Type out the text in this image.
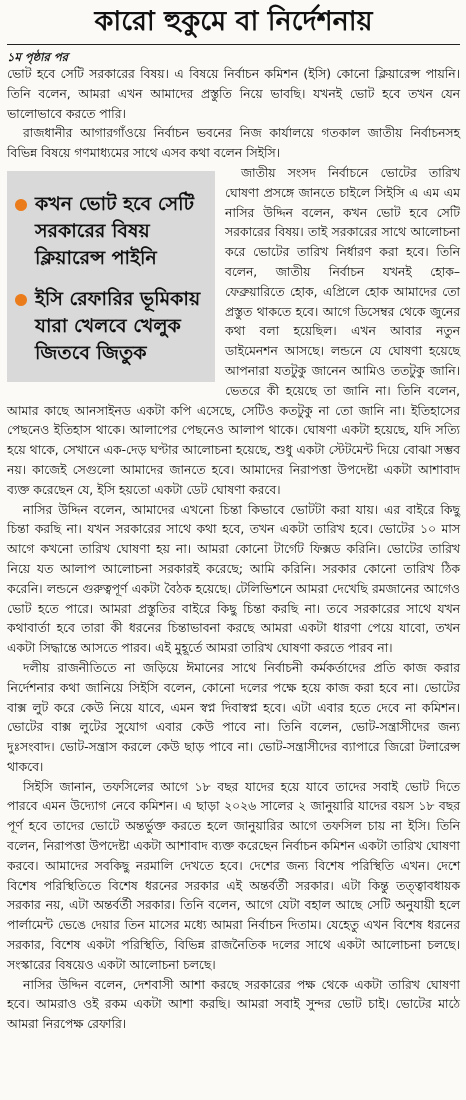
কারো হুকুমে বা নির্দেশনায়
১ম পৃষ্ঠার পর

ভোট হবে সেটি সরকারের বিষয়। এ বিষয়ে নির্বাচন কমিশন (ইসি) কোনো ক্লিয়ারেন্স পায়নি। তিনি বলেন, আমরা এখন আমাদের প্রস্তুতি নিয়ে ভাবছি। যখনই ভোট হবে তখন যেন ভালোভাবে করতে পারি।

রাজধানীর আগারগাঁওয়ে নির্বাচন ভবনের নিজ কার্যালয়ে গতকাল জাতীয় নির্বাচনসহ বিভিন্ন বিষয়ে গণমাধ্যমের সাথে এসব কথা বলেন সিইসি।

কখন ভোট হবে সেটি সরকারের বিষয় ক্লিয়ারেন্স পাইনি
ইসি রেফারির ভূমিকায় যারা খেলবে খেলুক জিতবে জিতুক

জাতীয় সংসদ নির্বাচনে ভোটের তারিখ ঘোষণা প্রসঙ্গে জানতে চাইলে সিইসি এ এম এম নাসির উদ্দিন বলেন, কখন ভোট হবে সেটি সরকারের বিষয়। তাই সরকারের সাথে আলোচনা করে ভোটের তারিখ নির্ধারণ করা হবে। তিনি বলেন, জাতীয় নির্বাচন যখনই হোক– ফেব্রুয়ারিতে হোক, এপ্রিলে হোক আমাদের তো প্রস্তুত থাকতে হবে। আগে ডিসেম্বর থেকে জুনের কথা বলা হয়েছিল। এখন আবার নতুন ডাইমেনশন আসছে। লন্ডনে যে ঘোষণা হয়েছে আপনারা যতটুকু জানেন আমিও ততটুকু জানি। ভেতরে কী হয়েছে তা জানি না। তিনি বলেন, আমার কাছে আনসাইনড একটা কপি এসেছে, সেটিও কতটুকু না তো জানি না। ইতিহাসের পেছনেও ইতিহাস থাকে। আলাপের পেছনেও আলাপ থাকে। ঘোষণা একটা হয়েছে, যদি সত্যি হয়ে থাকে, সেখানে এক-দেড় ঘণ্টার আলোচনা হয়েছে, শুধু একটা স্টেটমেন্ট দিয়ে বোঝা সম্ভব নয়। কাজেই সেগুলো আমাদের জানতে হবে। আমাদের নিরাপত্তা উপদেষ্টা একটা আশাবাদ ব্যক্ত করেছেন যে, ইসি হয়তো একটা ডেট ঘোষণা করবে।

নাসির উদ্দিন বলেন, আমাদের এখনো চিন্তা কিভাবে ভোটটা করা যায়। এর বাইরে কিছু চিন্তা করছি না। যখন সরকারের সাথে কথা হবে, তখন একটা তারিখ হবে। ভোটের ১০ মাস আগে কখনো তারিখ ঘোষণা হয় না। আমরা কোনো টার্গেট ফিক্সড করিনি। ভোটের তারিখ নিয়ে যত আলাপ আলোচনা সরকারই করেছে; আমি করিনি। সরকার কোনো তারিখ ঠিক করেনি। লন্ডনে গুরুত্বপূর্ণ একটা বৈঠক হয়েছে। টেলিভিশনে আমরা দেখেছি রমজানের আগেও ভোট হতে পারে। আমরা প্রস্তুতির বাইরে কিছু চিন্তা করছি না। তবে সরকারের সাথে যখন কথাবার্তা হবে তারা কী ধরনের চিন্তাভাবনা করছে আমরা একটা ধারণা পেয়ে যাবো, তখন একটা সিদ্ধান্তে আসতে পারব। এই মুহূর্তে আমরা তারিখ ঘোষণা করতে পারব না।

দলীয় রাজনীতিতে না জড়িয়ে ঈমানের সাথে নির্বাচনী কর্মকর্তাদের প্রতি কাজ করার নির্দেশনার কথা জানিয়ে সিইসি বলেন, কোনো দলের পক্ষে হয়ে কাজ করা হবে না। ভোটের বাক্স লুট করে কেউ নিয়ে যাবে, এমন স্বপ্ন দিবাস্বপ্ন হবে। এটা এবার হতে দেবে না কমিশন। ভোটের বাক্স লুটের সুযোগ এবার কেউ পাবে না। তিনি বলেন, ভোট-সন্ত্রাসীদের জন্য দুঃসংবাদ। ভোট-সন্ত্রাস করলে কেউ ছাড় পাবে না। ভোট-সন্ত্রাসীদের ব্যাপারে জিরো টলারেন্স থাকবে।

সিইসি জানান, তফসিলের আগে ১৮ বছর যাদের হয়ে যাবে তাদের সবাই ভোট দিতে পারবে এমন উদ্যোগ নেবে কমিশন। এ ছাড়া ২০২৬ সালের ২ জানুয়ারি যাদের বয়স ১৮ বছর পূর্ণ হবে তাদের ভোটে অন্তর্ভুক্ত করতে হলে জানুয়ারির আগে তফসিল চায় না ইসি। তিনি বলেন, নিরাপত্তা উপদেষ্টা একটা আশাবাদ ব্যক্ত করেছেন নির্বাচন কমিশন একটা তারিখ ঘোষণা করবে। আমাদের সবকিছু নরমালি দেখতে হবে। দেশের জন্য বিশেষ পরিস্থিতি এখন। দেশে বিশেষ পরিস্থিতিতে বিশেষ ধরনের সরকার এই অন্তর্বর্তী সরকার। এটা কিন্তু তত্ত্বাবধায়ক সরকার নয়, এটা অন্তর্বর্তী সরকার। তিনি বলেন, আগে যেটা বহাল আছে সেটি অনুযায়ী হলে পার্লামেন্ট ভেঙে দেয়ার তিন মাসের মধ্যে আমরা নির্বাচন দিতাম। যেহেতু এখন বিশেষ ধরনের সরকার, বিশেষ একটা পরিস্থিতি, বিভিন্ন রাজনৈতিক দলের সাথে একটা আলোচনা চলছে। সংস্কারের বিষয়েও একটা আলোচনা চলছে।

নাসির উদ্দিন বলেন, দেশবাসী আশা করছে সরকারের পক্ষ থেকে একটা তারিখ ঘোষণা হবে। আমরাও ওই রকম একটা আশা করছি। আমরা সবাই সুন্দর ভোট চাই। ভোটের মাঠে আমরা নিরপেক্ষ রেফারি।
